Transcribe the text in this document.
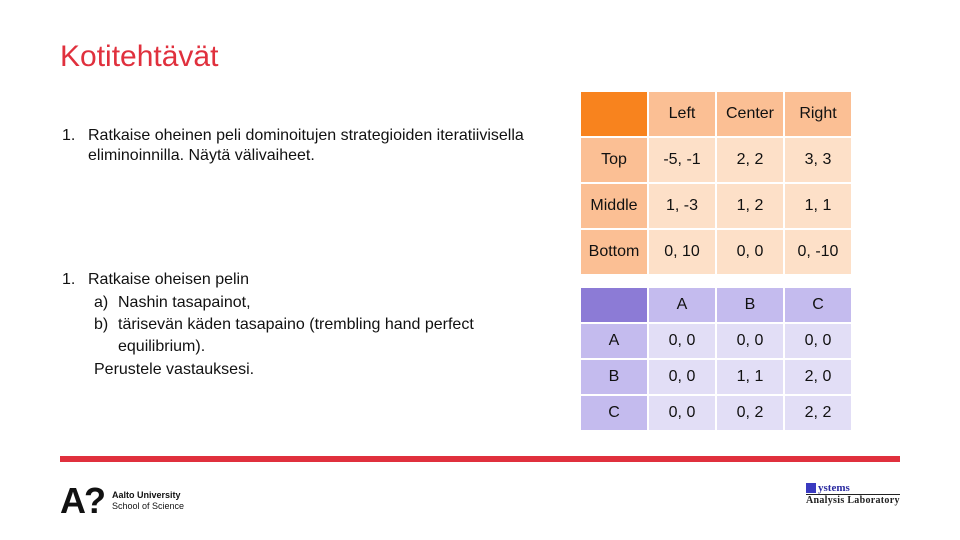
Kotitehtävät
1. Ratkaise oheinen peli dominoitujen strategioiden iteratiivisella eliminoinnilla. Näytä välivaiheet.
1. Ratkaise oheisen pelin
a) Nashin tasapainot,
b) tärisevän käden tasapaino (trembling hand perfect equilibrium).
Perustele vastauksesi.
	Left	Center	Right
Top	-5, -1	2, 2	3, 3
Middle	1, -3	1, 2	1, 1
Bottom	0, 10	0, 0	0, -10
	A	B	C
A	0, 0	0, 0	0, 0
B	0, 0	1, 1	2, 0
C	0, 0	0, 2	2, 2
A? Aalto University
School of Science
ystems
Analysis Laboratory
